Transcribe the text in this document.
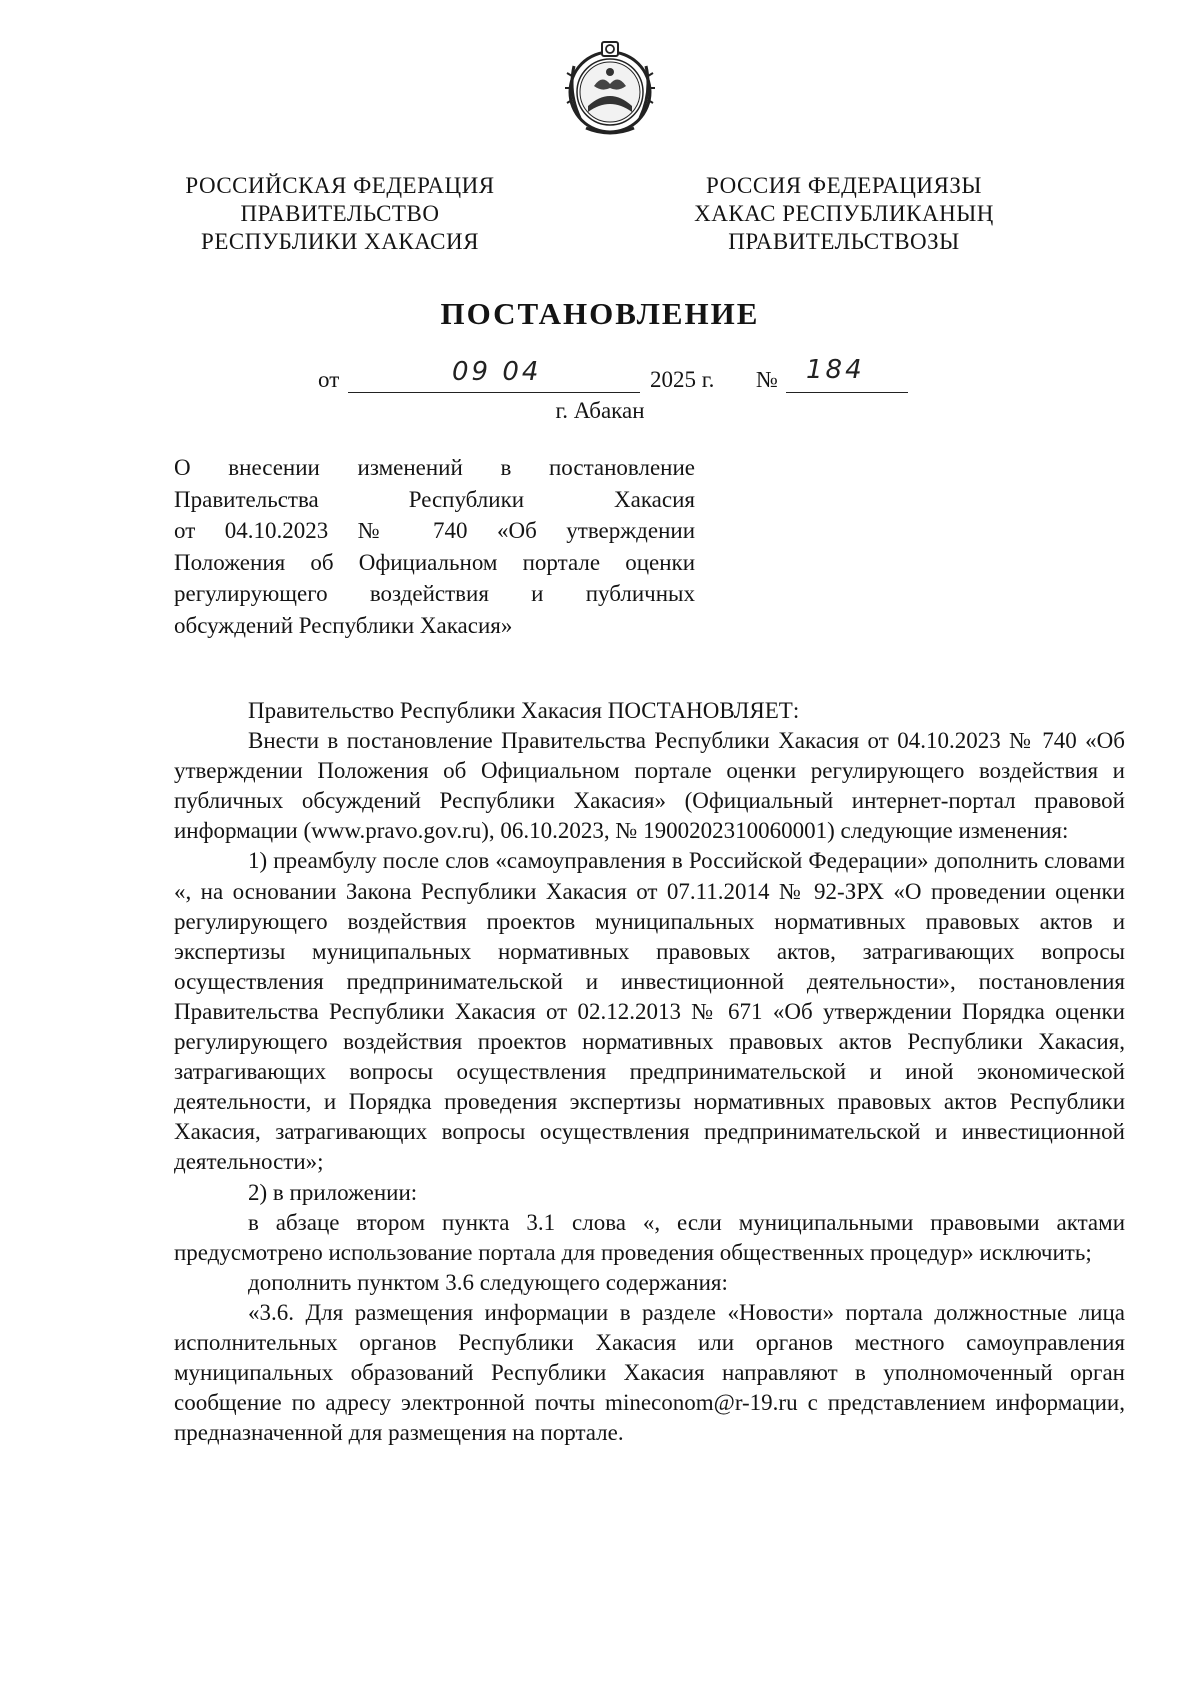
РОССИЙСКАЯ ФЕДЕРАЦИЯ
ПРАВИТЕЛЬСТВО
РЕСПУБЛИКИ ХАКАСИЯ
РОССИЯ ФЕДЕРАЦИЯЗЫ
ХАКАС РЕСПУБЛИКАНЫҢ
ПРАВИТЕЛЬСТВОЗЫ
ПОСТАНОВЛЕНИЕ
от	09 04	2025 г. № 184
г. Абакан
О внесении изменений в постановление
Правительства Республики Хакасия
от 04.10.2023 № 740 «Об утверждении
Положения об Официальном портале оценки
регулирующего воздействия и публичных
обсуждений Республики Хакасия»

Правительство Республики Хакасия ПОСТАНОВЛЯЕТ:

Внести в постановление Правительства Республики Хакасия от 04.10.2023 № 740 «Об утверждении Положения об Официальном портале оценки регулирующего воздействия и публичных обсуждений Республики Хакасия» (Официальный интернет-портал правовой информации (www.pravo.gov.ru), 06.10.2023, № 1900202310060001) следующие изменения:

1) преамбулу после слов «самоуправления в Российской Федерации» дополнить словами «, на основании Закона Республики Хакасия от 07.11.2014 № 92-ЗРХ «О проведении оценки регулирующего воздействия проектов муниципальных нормативных правовых актов и экспертизы муниципальных нормативных правовых актов, затрагивающих вопросы осуществления предпринимательской и инвестиционной деятельности», постановления Правительства Республики Хакасия от 02.12.2013 № 671 «Об утверждении Порядка оценки регулирующего воздействия проектов нормативных правовых актов Республики Хакасия, затрагивающих вопросы осуществления предпринимательской и иной экономической деятельности, и Порядка проведения экспертизы нормативных правовых актов Республики Хакасия, затрагивающих вопросы осуществления предпринимательской и инвестиционной деятельности»;

2) в приложении:

в абзаце втором пункта 3.1 слова «, если муниципальными правовыми актами предусмотрено использование портала для проведения общественных процедур» исключить;

дополнить пунктом 3.6 следующего содержания:

«3.6. Для размещения информации в разделе «Новости» портала должностные лица исполнительных органов Республики Хакасия или органов местного самоуправления муниципальных образований Республики Хакасия направляют в уполномоченный орган сообщение по адресу электронной почты mineconom@r-19.ru с представлением информации, предназначенной для размещения на портале.
